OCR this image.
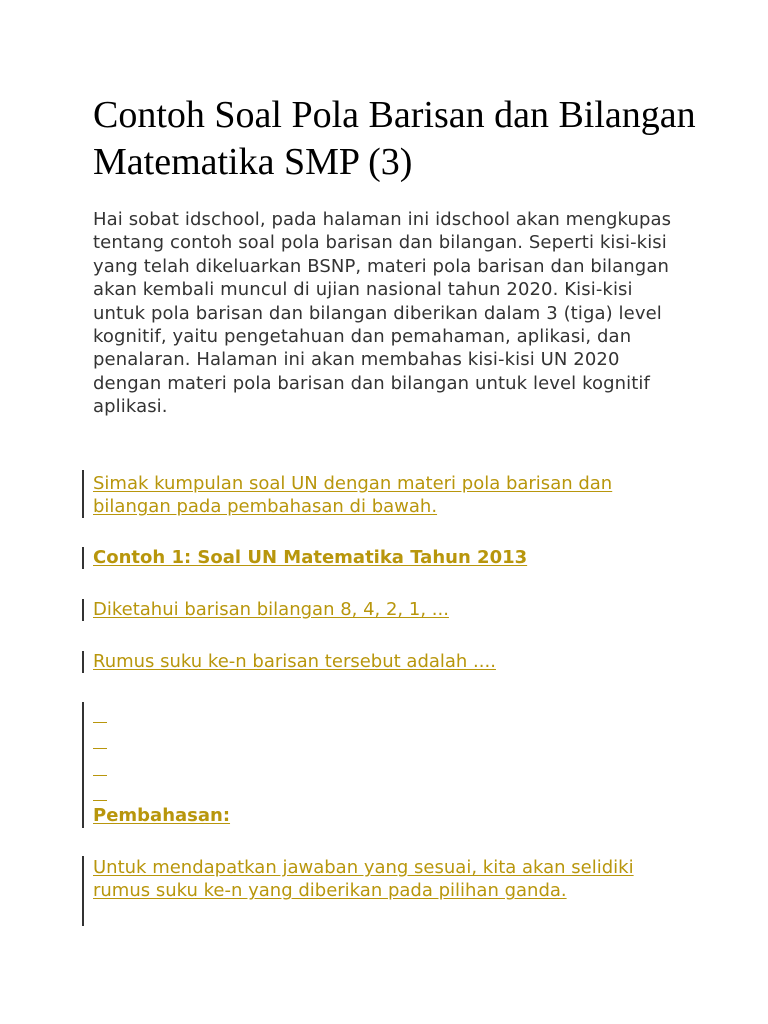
Contoh Soal Pola Barisan dan Bilangan Matematika SMP (3)

Hai sobat idschool, pada halaman ini idschool akan mengkupas tentang contoh soal pola barisan dan bilangan. Seperti kisi-kisi yang telah dikeluarkan BSNP, materi pola barisan dan bilangan akan kembali muncul di ujian nasional tahun 2020. Kisi-kisi untuk pola barisan dan bilangan diberikan dalam 3 (tiga) level kognitif, yaitu pengetahuan dan pemahaman, aplikasi, dan penalaran. Halaman ini akan membahas kisi-kisi UN 2020 dengan materi pola barisan dan bilangan untuk level kognitif aplikasi.

Simak kumpulan soal UN dengan materi pola barisan dan bilangan pada pembahasan di bawah.

Contoh 1: Soal UN Matematika Tahun 2013

Diketahui barisan bilangan 8, 4, 2, 1, ...

Rumus suku ke-n barisan tersebut adalah ....

Pembahasan:

Untuk mendapatkan jawaban yang sesuai, kita akan selidiki rumus suku ke-n yang diberikan pada pilihan ganda.
